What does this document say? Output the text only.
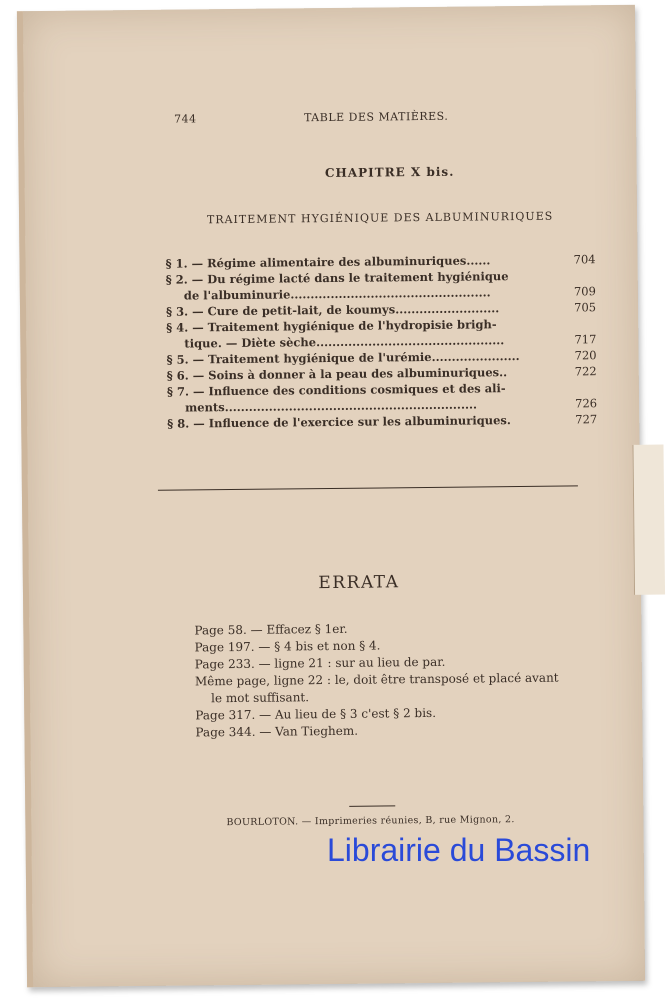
744	TABLE DES MATIÈRES.
CHAPITRE X bis.
TRAITEMENT HYGIÉNIQUE DES ALBUMINURIQUES
§ 1. — Régime alimentaire des albuminuriques......	704
§ 2. — Du régime lacté dans le traitement hygiénique
de l'albuminurie..................................................	709
§ 3. — Cure de petit-lait, de koumys..........................	705
§ 4. — Traitement hygiénique de l'hydropisie brigh-
tique. — Diète sèche...............................................	717
§ 5. — Traitement hygiénique de l'urémie......................	720
§ 6. — Soins à donner à la peau des albuminuriques..	722
§ 7. — Influence des conditions cosmiques et des ali-
ments...............................................................	726
§ 8. — Influence de l'exercice sur les albuminuriques.	727
ERRATA
Page 58. — Effacez § 1er.
Page 197. — § 4 bis et non § 4.
Page 233. — ligne 21 : sur au lieu de par.
Même page, ligne 22 : le, doit être transposé et placé avant
le mot suffisant.
Page 317. — Au lieu de § 3 c'est § 2 bis.
Page 344. — Van Tieghem.
BOURLOTON. — Imprimeries réunies, B, rue Mignon, 2.
Librairie du Bassin
